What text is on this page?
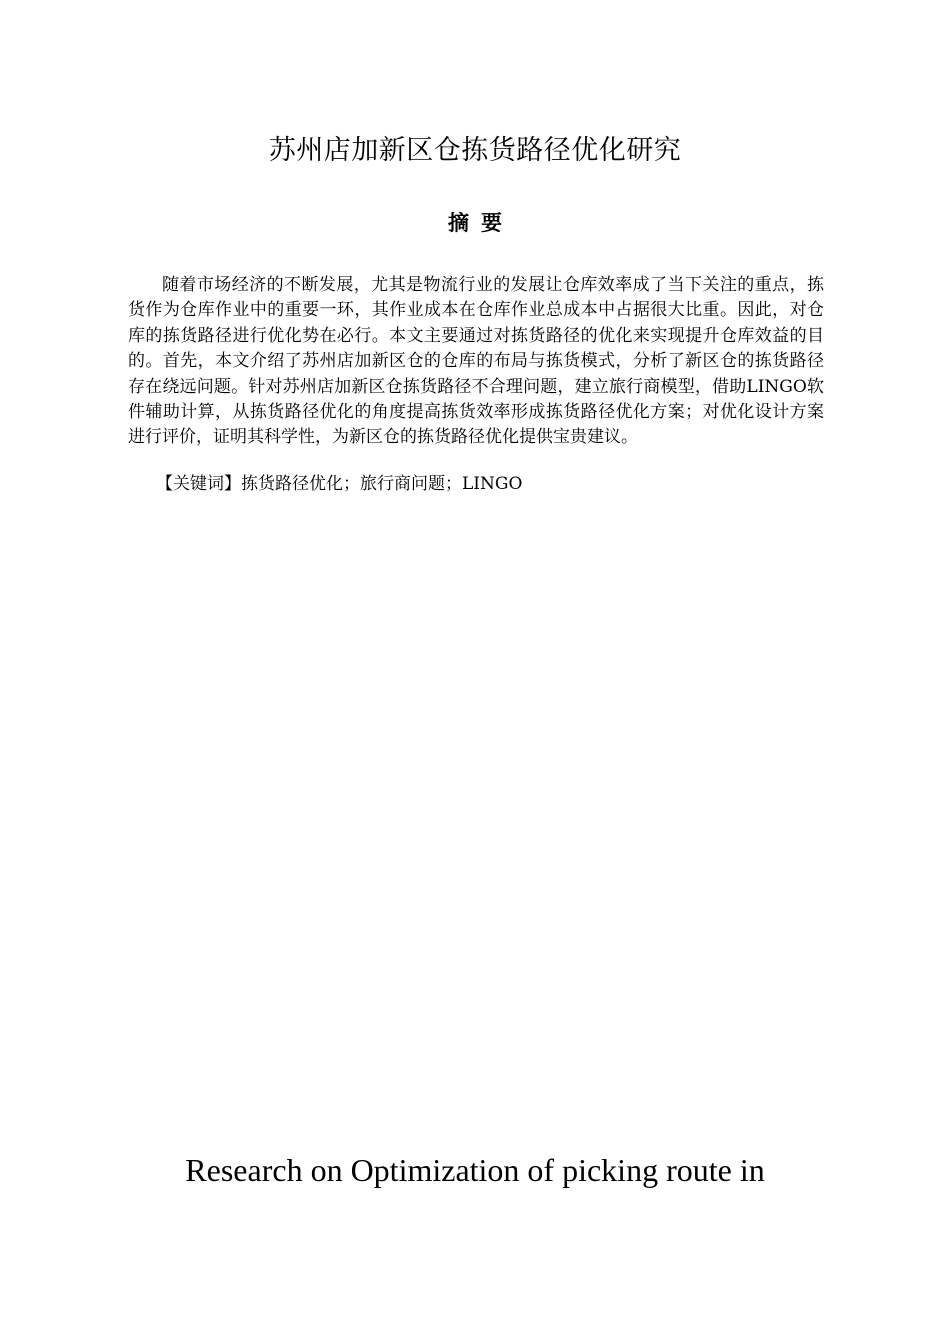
苏州店加新区仓拣货路径优化研究
摘要

随着市场经济的不断发展，尤其是物流行业的发展让仓库效率成了当下关注的重点，拣货作为仓库作业中的重要一环，其作业成本在仓库作业总成本中占据很大比重。因此，对仓库的拣货路径进行优化势在必行。本文主要通过对拣货路径的优化来实现提升仓库效益的目的。首先，本文介绍了苏州店加新区仓的仓库的布局与拣货模式，分析了新区仓的拣货路径存在绕远问题。针对苏州店加新区仓拣货路径不合理问题，建立旅行商模型，借助LINGO软件辅助计算，从拣货路径优化的角度提高拣货效率形成拣货路径优化方案；对优化设计方案进行评价，证明其科学性，为新区仓的拣货路径优化提供宝贵建议。

【关键词】拣货路径优化；旅行商问题；LINGO

Research on Optimization of picking route in
